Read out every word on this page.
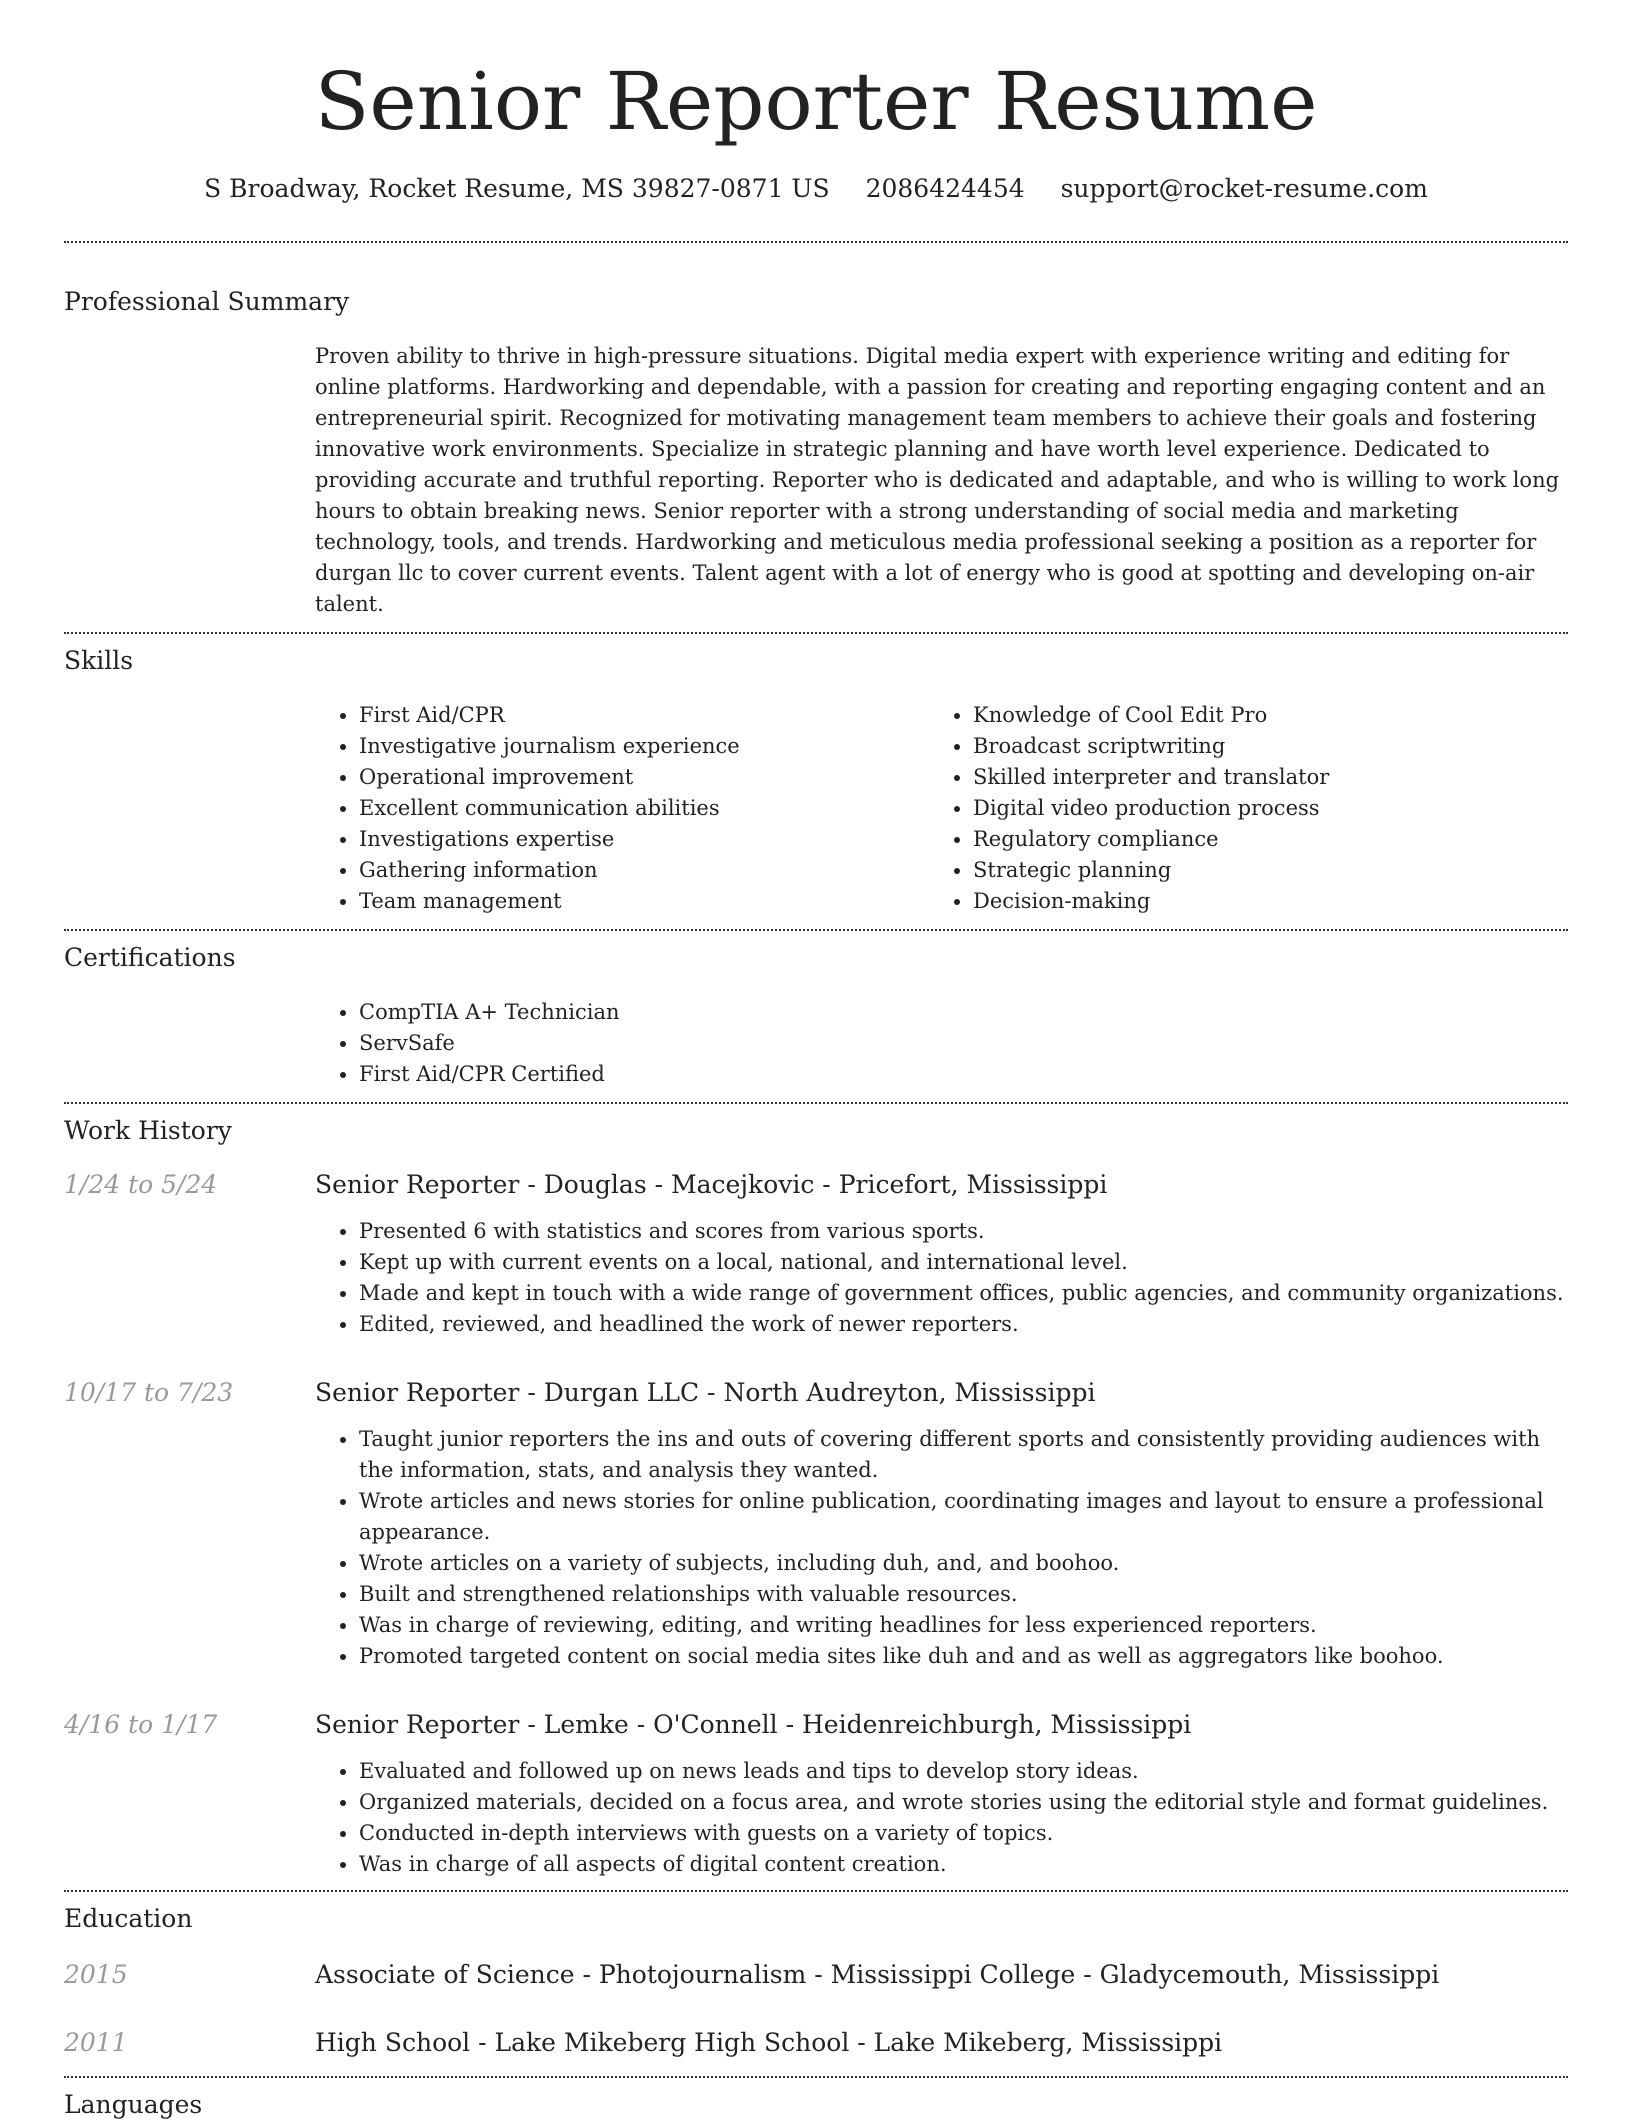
Senior Reporter Resume
S Broadway, Rocket Resume, MS 39827-0871 US 2086424454 support@rocket-resume.com
Professional Summary

Proven ability to thrive in high-pressure situations. Digital media expert with experience writing and editing for online platforms. Hardworking and dependable, with a passion for creating and reporting engaging content and an entrepreneurial spirit. Recognized for motivating management team members to achieve their goals and fostering innovative work environments. Specialize in strategic planning and have worth level experience. Dedicated to providing accurate and truthful reporting. Reporter who is dedicated and adaptable, and who is willing to work long hours to obtain breaking news. Senior reporter with a strong understanding of social media and marketing technology, tools, and trends. Hardworking and meticulous media professional seeking a position as a reporter for durgan llc to cover current events. Talent agent with a lot of energy who is good at spotting and developing on-air talent.

Skills
• First Aid/CPR
• Investigative journalism experience
• Operational improvement
• Excellent communication abilities
• Investigations expertise
• Gathering information
• Team management
• Knowledge of Cool Edit Pro
• Broadcast scriptwriting
• Skilled interpreter and translator
• Digital video production process
• Regulatory compliance
• Strategic planning
• Decision-making
Certifications
• CompTIA A+ Technician
• ServSafe
• First Aid/CPR Certified
Work History
1/24 to 5/24	Senior Reporter - Douglas - Macejkovic - Pricefort, Mississippi
• Presented 6 with statistics and scores from various sports.
• Kept up with current events on a local, national, and international level.
• Made and kept in touch with a wide range of government offices, public agencies, and community organizations.
• Edited, reviewed, and headlined the work of newer reporters.
10/17 to 7/23	Senior Reporter - Durgan LLC - North Audreyton, Mississippi
• Taught junior reporters the ins and outs of covering different sports and consistently providing audiences with the information, stats, and analysis they wanted.
• Wrote articles and news stories for online publication, coordinating images and layout to ensure a professional appearance.
• Wrote articles on a variety of subjects, including duh, and, and boohoo.
• Built and strengthened relationships with valuable resources.
• Was in charge of reviewing, editing, and writing headlines for less experienced reporters.
• Promoted targeted content on social media sites like duh and and as well as aggregators like boohoo.
4/16 to 1/17	Senior Reporter - Lemke - O'Connell - Heidenreichburgh, Mississippi
• Evaluated and followed up on news leads and tips to develop story ideas.
• Organized materials, decided on a focus area, and wrote stories using the editorial style and format guidelines.
• Conducted in-depth interviews with guests on a variety of topics.
• Was in charge of all aspects of digital content creation.
Education
2015	Associate of Science - Photojournalism - Mississippi College - Gladycemouth, Mississippi
2011	High School - Lake Mikeberg High School - Lake Mikeberg, Mississippi
Languages
